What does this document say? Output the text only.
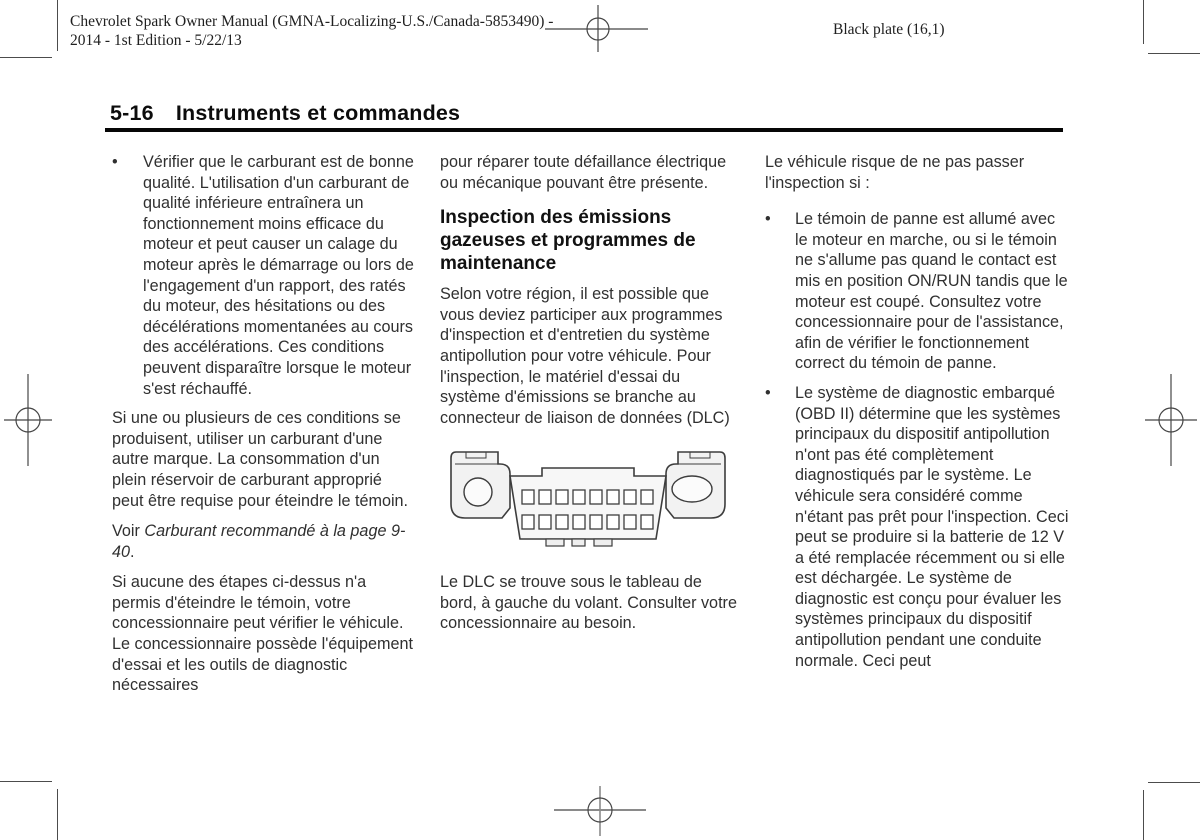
Chevrolet Spark Owner Manual (GMNA-Localizing-U.S./Canada-5853490) -
2014 - 1st Edition - 5/22/13
Black plate (16,1)
5-16 Instruments et commandes
•	Vérifier que le carburant est de bonne qualité. L'utilisation d'un carburant de qualité inférieure entraînera un fonctionnement moins efficace du moteur et peut causer un calage du moteur après le démarrage ou lors de l'engagement d'un rapport, des ratés du moteur, des hésitations ou des décélérations momentanées au cours des accélérations. Ces conditions peuvent disparaître lorsque le moteur s'est réchauffé.

Si une ou plusieurs de ces conditions se produisent, utiliser un carburant d'une autre marque. La consommation d'un plein réservoir de carburant approprié peut être requise pour éteindre le témoin.

Voir Carburant recommandé à la page 9-40.

Si aucune des étapes ci-dessus n'a permis d'éteindre le témoin, votre concessionnaire peut vérifier le véhicule. Le concessionnaire possède l'équipement d'essai et les outils de diagnostic nécessaires

pour réparer toute défaillance électrique ou mécanique pouvant être présente.

Inspection des émissions gazeuses et programmes de maintenance

Selon votre région, il est possible que vous deviez participer aux programmes d'inspection et d'entretien du système antipollution pour votre véhicule. Pour l'inspection, le matériel d'essai du système d'émissions se branche au connecteur de liaison de données (DLC)

Le DLC se trouve sous le tableau de bord, à gauche du volant. Consulter votre concessionnaire au besoin.

Le véhicule risque de ne pas passer l'inspection si :

•	Le témoin de panne est allumé avec le moteur en marche, ou si le témoin ne s'allume pas quand le contact est mis en position ON/RUN tandis que le moteur est coupé. Consultez votre concessionnaire pour de l'assistance, afin de vérifier le fonctionnement correct du témoin de panne.
•	Le système de diagnostic embarqué (OBD II) détermine que les systèmes principaux du dispositif antipollution n'ont pas été complètement diagnostiqués par le système. Le véhicule sera considéré comme n'étant pas prêt pour l'inspection. Ceci peut se produire si la batterie de 12 V a été remplacée récemment ou si elle est déchargée. Le système de diagnostic est conçu pour évaluer les systèmes principaux du dispositif antipollution pendant une conduite normale. Ceci peut
